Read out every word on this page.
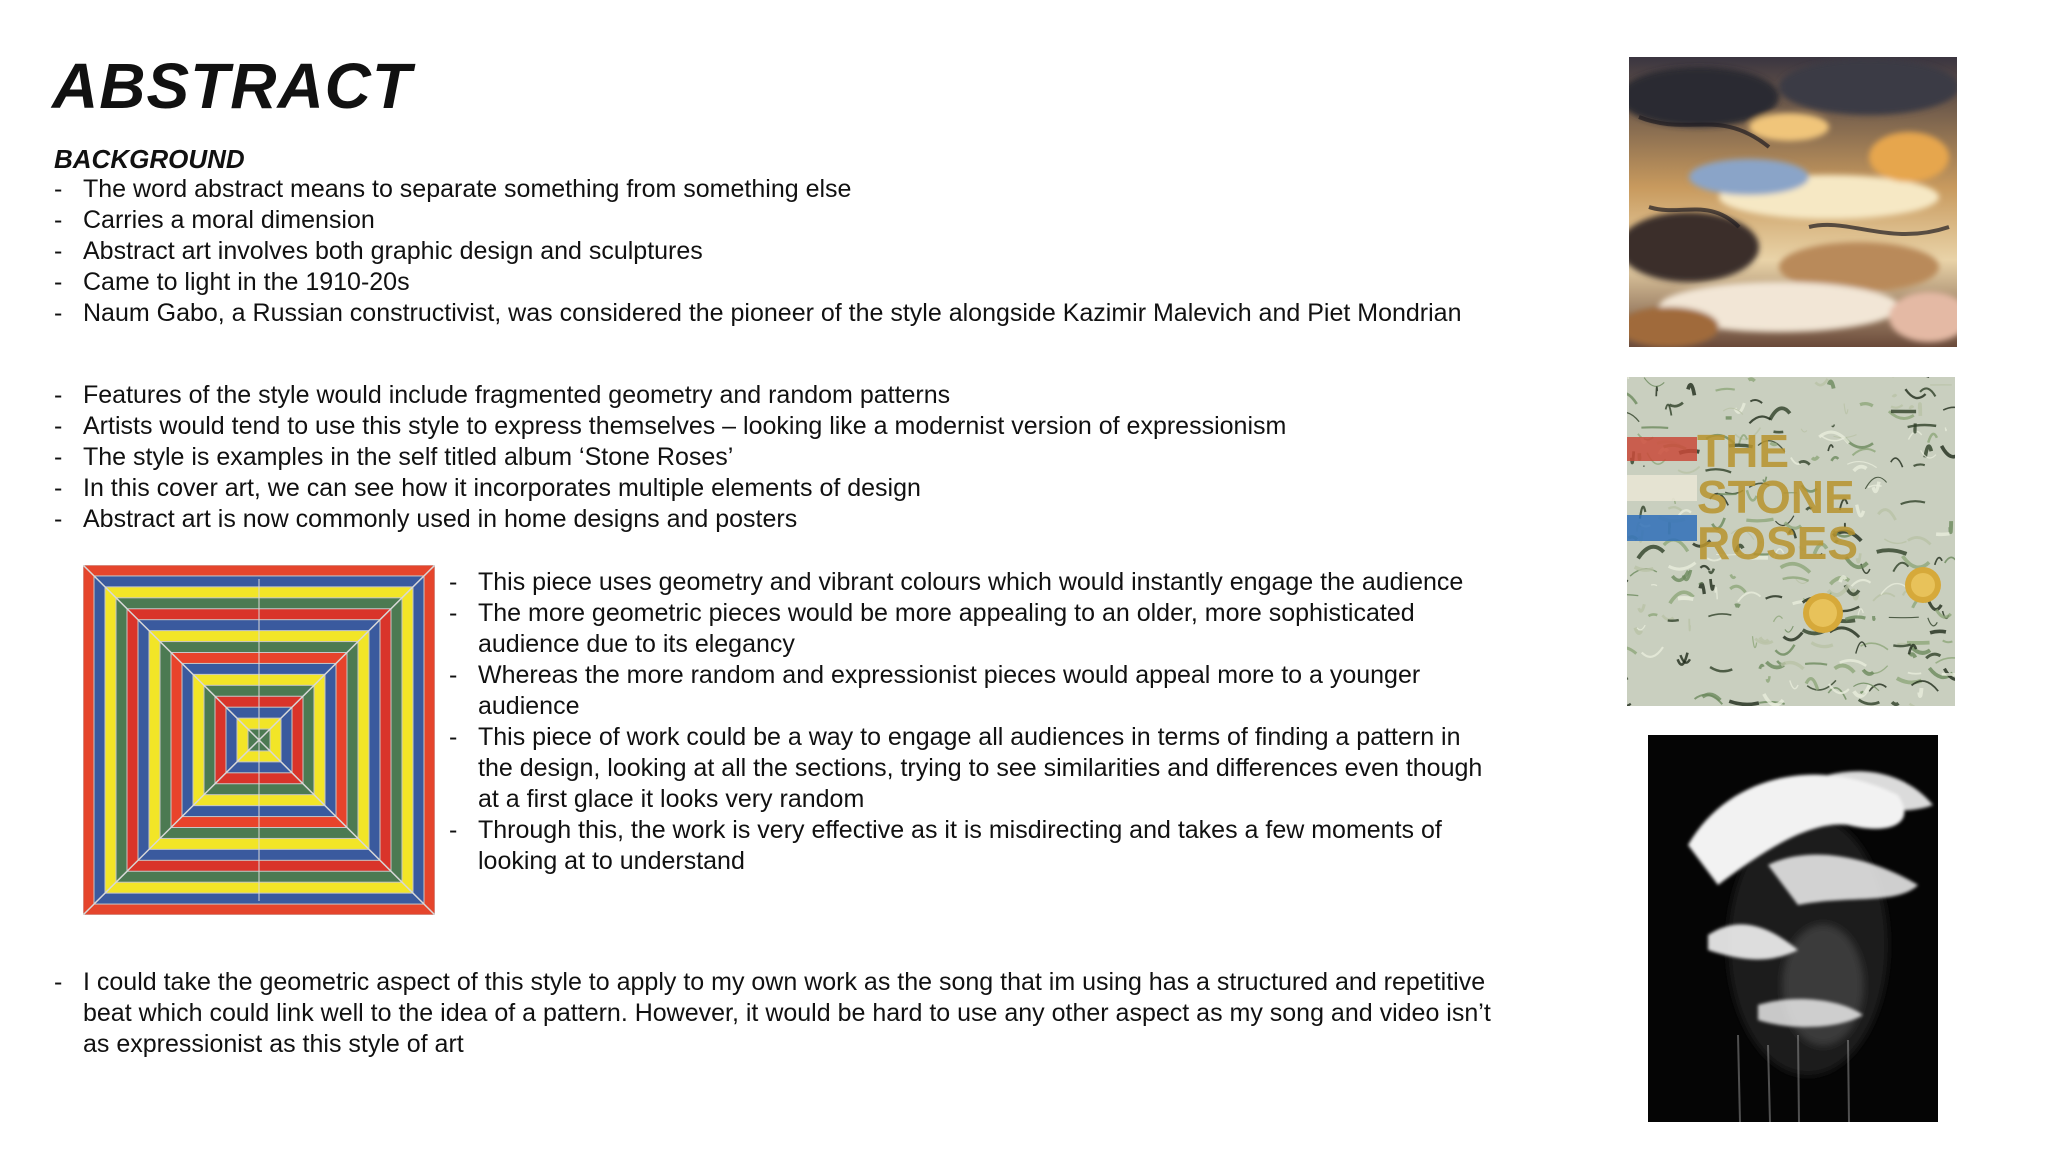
ABSTRACT
BACKGROUND
- The word abstract means to separate something from something else
- Carries a moral dimension
- Abstract art involves both graphic design and sculptures
- Came to light in the 1910-20s
- Naum Gabo, a Russian constructivist, was considered the pioneer of the style alongside Kazimir Malevich and Piet Mondrian
- Features of the style would include fragmented geometry and random patterns
- Artists would tend to use this style to express themselves – looking like a modernist version of expressionism
- The style is examples in the self titled album ‘Stone Roses’
- In this cover art, we can see how it incorporates multiple elements of design
- Abstract art is now commonly used in home designs and posters
- This piece uses geometry and vibrant colours which would instantly engage the audience
- The more geometric pieces would be more appealing to an older, more sophisticated audience due to its elegancy
- Whereas the more random and expressionist pieces would appeal more to a younger audience
- This piece of work could be a way to engage all audiences in terms of finding a pattern in the design, looking at all the sections, trying to see similarities and differences even though at a first glace it looks very random
- Through this, the work is very effective as it is misdirecting and takes a few moments of looking at to understand
- I could take the geometric aspect of this style to apply to my own work as the song that im using has a structured and repetitive beat which could link well to the idea of a pattern. However, it would be hard to use any other aspect as my song and video isn’t as expressionist as this style of art
THE
STONE
ROSES
